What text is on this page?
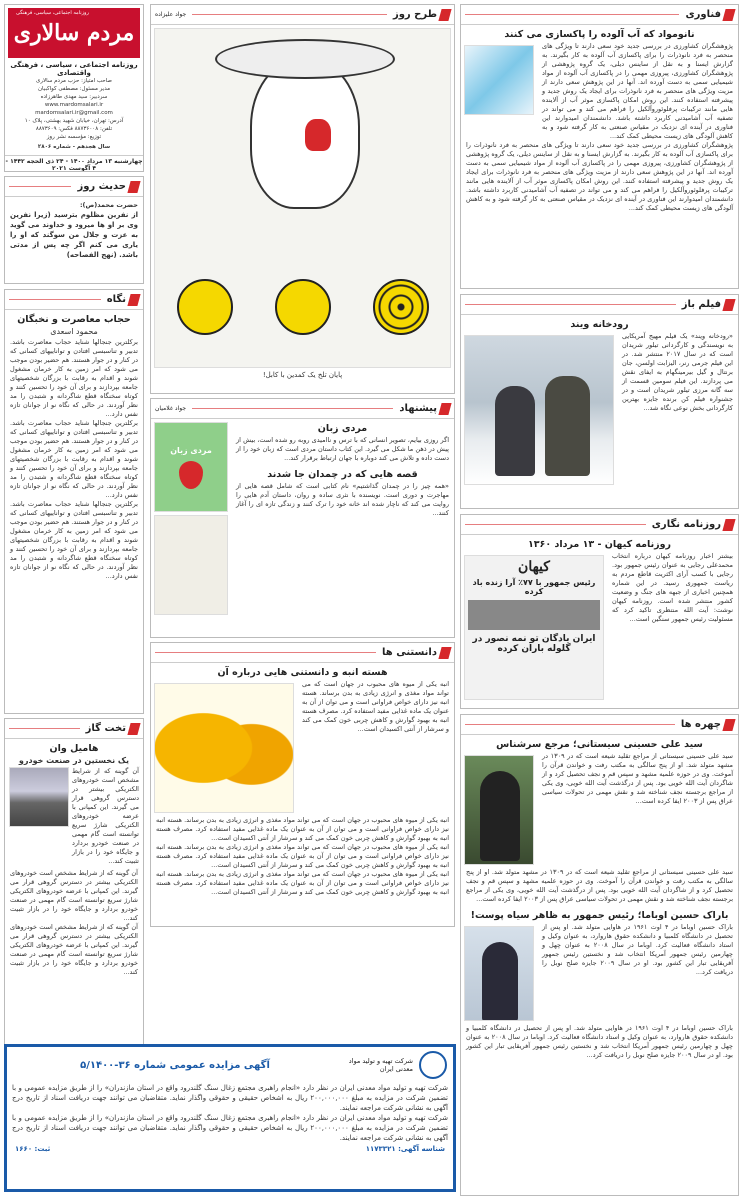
روزنامه اجتماعی، سیاسی، فرهنگی
مردم سالاری
روزنامه اجتماعی ، سیاسی ، فرهنگی واقتصادی
صاحب امتیاز: حزب مردم سالاری
مدیر مسئول: مصطفی کواکبیان
سردبیر: سید مهدی طاهرزاده
www.mardomsalari.ir
mardomsalari.ir@gmail.com
آدرس: تهران، خیابان شهید بهشتی، پلاک ۱۰
تلفن: ۸۸۷۳۶۰۰۸ فکس: ۸۸۷۳۶۰۹
توزیع: مؤسسه نشر روز
سال هجدهم - شماره ۲۸۰۶
چهارشنبه ۱۳ مرداد ۱۴۰۰ - ۲۴ ذی الحجه ۱۴۴۲ - ۴ آگوست ۲۰۲۱
حدیث روز
حضرت محمد(ص):
از نفرین مظلوم بترسید (زیرا نفرین وی بر او ها میرود و خداوند می گوید به عزت و جلال من سوگند که او را یاری می کنم اگر چه پس از مدتی باشد. (نهج الفصاحه)
نگاه
حجاب معاصرت و نخبگان
محمود اسعدی
برکلترین جنجالها شناید حجاب معاصرت باشد. تدبیر و تناسبسی افتادن و تواناییهای کسانی که در کنار و در جوار هستند. هم حضیر بودن موجب می شود که امر زمین به کار خرمان مشغول شوند و اقدام به رقابت با بزرگان شخصیتهای جامعه بپردازند و برای آن خود را تحسین کنند و کوتاه سخنگاه قطع شاگردانه و شتبدن را مد نظر آوردند. در حالی که نگاه نو از جوانان تازه نفس دارد...
برکلترین جنجالها شناید حجاب معاصرت باشد. تدبیر و تناسبسی افتادن و تواناییهای کسانی که در کنار و در جوار هستند. هم حضیر بودن موجب می شود که امر زمین به کار خرمان مشغول شوند و اقدام به رقابت با بزرگان شخصیتهای جامعه بپردازند و برای آن خود را تحسین کنند و کوتاه سخنگاه قطع شاگردانه و شتبدن را مد نظر آوردند. در حالی که نگاه نو از جوانان تازه نفس دارد...
برکلترین جنجالها شناید حجاب معاصرت باشد. تدبیر و تناسبسی افتادن و تواناییهای کسانی که در کنار و در جوار هستند. هم حضیر بودن موجب می شود که امر زمین به کار خرمان مشغول شوند و اقدام به رقابت با بزرگان شخصیتهای جامعه بپردازند و برای آن خود را تحسین کنند و کوتاه سخنگاه قطع شاگردانه و شتبدن را مد نظر آوردند. در حالی که نگاه نو از جوانان تازه نفس دارد...
تخت گاز
هامیل وان
یک نخستین در صنعت خودرو
آن گوینه که از شرایط مشخص است خودروهای الکتریکی بیشتر در دسترس گروهی قرار می گیرند. این کمپانی با عرضه خودروهای الکتریکی شارژ سریع توانسته است گام مهمی در صنعت خودرو بردارد و جایگاه خود را در بازار تثبیت کند...
آن گوینه که از شرایط مشخص است خودروهای الکتریکی بیشتر در دسترس گروهی قرار می گیرند. این کمپانی با عرضه خودروهای الکتریکی شارژ سریع توانسته است گام مهمی در صنعت خودرو بردارد و جایگاه خود را در بازار تثبیت کند...
آن گوینه که از شرایط مشخص است خودروهای الکتریکی بیشتر در دسترس گروهی قرار می گیرند. این کمپانی با عرضه خودروهای الکتریکی شارژ سریع توانسته است گام مهمی در صنعت خودرو بردارد و جایگاه خود را در بازار تثبیت کند...
طرح روز
جواد علیزاده
پایان تلخ یک کمدین با کابل!
پیشنهاد
جواد غلامیان
مردی زبان
اگر روزی بیایم، تصویر انسانی که با ترس و ناامیدی روبه رو شده است، بیش از پیش در ذهن ما شکل می گیرد. این کتاب داستان مردی است که زبان خود را از دست داده و تلاش می کند دوباره با جهان ارتباط برقرار کند...
قصه هایی که در چمدان جا شدند
«همه چیز را در چمدان گذاشتیم» نام کتابی است که شامل قصه هایی از مهاجرت و دوری است. نویسنده با نثری ساده و روان، داستان آدم هایی را روایت می کند که ناچار شده اند خانه خود را ترک کنند و زندگی تازه ای را آغاز کنند...
مردی زبان
دانستنی ها
هسته انبه و دانستنی هایی درباره آن
انبه یکی از میوه های محبوب در جهان است که می تواند مواد مغذی و انرژی زیادی به بدن برساند. هسته انبه نیز دارای خواص فراوانی است و می توان از آن به عنوان یک ماده غذایی مفید استفاده کرد. مصرف هسته انبه به بهبود گوارش و کاهش چربی خون کمک می کند و سرشار از آنتی اکسیدان است...
انبه یکی از میوه های محبوب در جهان است که می تواند مواد مغذی و انرژی زیادی به بدن برساند. هسته انبه نیز دارای خواص فراوانی است و می توان از آن به عنوان یک ماده غذایی مفید استفاده کرد. مصرف هسته انبه به بهبود گوارش و کاهش چربی خون کمک می کند و سرشار از آنتی اکسیدان است...
انبه یکی از میوه های محبوب در جهان است که می تواند مواد مغذی و انرژی زیادی به بدن برساند. هسته انبه نیز دارای خواص فراوانی است و می توان از آن به عنوان یک ماده غذایی مفید استفاده کرد. مصرف هسته انبه به بهبود گوارش و کاهش چربی خون کمک می کند و سرشار از آنتی اکسیدان است...
انبه یکی از میوه های محبوب در جهان است که می تواند مواد مغذی و انرژی زیادی به بدن برساند. هسته انبه نیز دارای خواص فراوانی است و می توان از آن به عنوان یک ماده غذایی مفید استفاده کرد. مصرف هسته انبه به بهبود گوارش و کاهش چربی خون کمک می کند و سرشار از آنتی اکسیدان است...
شرکت تهیه و تولید مواد معدنی ایران
آگهی مزایده عمومی شماره ۳۶-۵/۱۴۰۰
شرکت تهیه و تولید مواد معدنی ایران در نظر دارد «انجام راهبری مجتمع زغال سنگ گلندرود واقع در استان مازندران» را از طریق مزایده عمومی و با تضمین شرکت در مزایده به مبلغ ۲۰۰,۰۰۰,۰۰۰ ریال به اشخاص حقیقی و حقوقی واگذار نماید. متقاضیان می توانند جهت دریافت اسناد از تاریخ درج آگهی به نشانی شرکت مراجعه نمایند.
شرکت تهیه و تولید مواد معدنی ایران در نظر دارد «انجام راهبری مجتمع زغال سنگ گلندرود واقع در استان مازندران» را از طریق مزایده عمومی و با تضمین شرکت در مزایده به مبلغ ۲۰۰,۰۰۰,۰۰۰ ریال به اشخاص حقیقی و حقوقی واگذار نماید. متقاضیان می توانند جهت دریافت اسناد از تاریخ درج آگهی به نشانی شرکت مراجعه نمایند.
شناسه آگهی: ۱۱۷۳۳۲۱
ثبت: ۱۶۶۰
فناوری
نانومواد که آب آلوده را پاکسازی می کنند
پژوهشگران کشاورزی در بررسی جدید خود سعی دارند تا ویژگی های منحصر به فرد نانوذرات را برای پاکسازی آب آلوده به کار بگیرند. به گزارش ایسنا و به نقل از ساینس دیلی، یک گروه پژوهشی از پژوهشگران کشاورزی، پیروزی مهمی را در پاکسازی آب آلوده از مواد شیمیایی سمی به دست آورده اند. آنها در این پژوهش سعی دارند از مزیت ویژگی های منحصر به فرد نانوذرات برای ایجاد یک روش جدید و پیشرفته استفاده کنند. این روش امکان پاکسازی موثر آب از آلاینده هایی مانند ترکیبات پرفلوئوروآلکیل را فراهم می کند و می تواند در تصفیه آب آشامیدنی کاربرد داشته باشد. دانشمندان امیدوارند این فناوری در آینده ای نزدیک در مقیاس صنعتی به کار گرفته شود و به کاهش آلودگی های زیست محیطی کمک کند...
پژوهشگران کشاورزی در بررسی جدید خود سعی دارند تا ویژگی های منحصر به فرد نانوذرات را برای پاکسازی آب آلوده به کار بگیرند. به گزارش ایسنا و به نقل از ساینس دیلی، یک گروه پژوهشی از پژوهشگران کشاورزی، پیروزی مهمی را در پاکسازی آب آلوده از مواد شیمیایی سمی به دست آورده اند. آنها در این پژوهش سعی دارند از مزیت ویژگی های منحصر به فرد نانوذرات برای ایجاد یک روش جدید و پیشرفته استفاده کنند. این روش امکان پاکسازی موثر آب از آلاینده هایی مانند ترکیبات پرفلوئوروآلکیل را فراهم می کند و می تواند در تصفیه آب آشامیدنی کاربرد داشته باشد. دانشمندان امیدوارند این فناوری در آینده ای نزدیک در مقیاس صنعتی به کار گرفته شود و به کاهش آلودگی های زیست محیطی کمک کند...
فیلم باز
رودخانه ویند
«رودخانه ویند» یک فیلم مهیج آمریکایی به نویسندگی و کارگردانی تیلور شریدان است که در سال ۲۰۱۷ منتشر شد. در این فیلم جرمی رنر، الیزابت اولسن، جان برنتال و گیل بیرمینگهام به ایفای نقش می پردازند. این فیلم سومین قسمت از سه گانه مرزی تیلور شریدان است و در جشنواره فیلم کن برنده جایزه بهترین کارگردانی بخش نوعی نگاه شد...
روزنامه نگاری
روزنامه کیهان - ۱۳ مرداد ۱۳۶۰
بیشتر اخبار روزنامه کیهان درباره انتخاب محمدعلی رجایی به عنوان رئیس جمهور بود. رجایی با کسب آرای اکثریت قاطع مردم به ریاست جمهوری رسید. در این شماره همچنین اخباری از جبهه های جنگ و وضعیت کشور منتشر شده است. روزنامه کیهان نوشت: آیت الله منتظری تاکید کرد که مسئولیت رئیس جمهور سنگین است...
کیهان
رئیس جمهور با ۷۷٪ آرا زنده باد کرده
ایران یادگان تو نمه نصور در گلوله باران کرده
چهره ها
سید علی حسینی سیستانی؛ مرجع سرشناس
سید علی حسینی سیستانی از مراجع تقلید شیعه است که در ۱۳۰۹ در مشهد متولد شد. او از پنج سالگی به مکتب رفت و خواندن قرآن را آموخت. وی در حوزه علمیه مشهد و سپس قم و نجف تحصیل کرد و از شاگردان آیت الله خویی بود. پس از درگذشت آیت الله خویی، وی یکی از مراجع برجسته نجف شناخته شد و نقش مهمی در تحولات سیاسی عراق پس از ۲۰۰۳ ایفا کرده است...
سید علی حسینی سیستانی از مراجع تقلید شیعه است که در ۱۳۰۹ در مشهد متولد شد. او از پنج سالگی به مکتب رفت و خواندن قرآن را آموخت. وی در حوزه علمیه مشهد و سپس قم و نجف تحصیل کرد و از شاگردان آیت الله خویی بود. پس از درگذشت آیت الله خویی، وی یکی از مراجع برجسته نجف شناخته شد و نقش مهمی در تحولات سیاسی عراق پس از ۲۰۰۳ ایفا کرده است...
باراک حسین اوباما؛ رئیس جمهور به ظاهر سیاه پوست!
باراک حسین اوباما در ۴ اوت ۱۹۶۱ در هاوایی متولد شد. او پس از تحصیل در دانشگاه کلمبیا و دانشکده حقوق هاروارد، به عنوان وکیل و استاد دانشگاه فعالیت کرد. اوباما در سال ۲۰۰۸ به عنوان چهل و چهارمین رئیس جمهور آمریکا انتخاب شد و نخستین رئیس جمهور آفریقایی تبار این کشور بود. او در سال ۲۰۰۹ جایزه صلح نوبل را دریافت کرد...
باراک حسین اوباما در ۴ اوت ۱۹۶۱ در هاوایی متولد شد. او پس از تحصیل در دانشگاه کلمبیا و دانشکده حقوق هاروارد، به عنوان وکیل و استاد دانشگاه فعالیت کرد. اوباما در سال ۲۰۰۸ به عنوان چهل و چهارمین رئیس جمهور آمریکا انتخاب شد و نخستین رئیس جمهور آفریقایی تبار این کشور بود. او در سال ۲۰۰۹ جایزه صلح نوبل را دریافت کرد...
